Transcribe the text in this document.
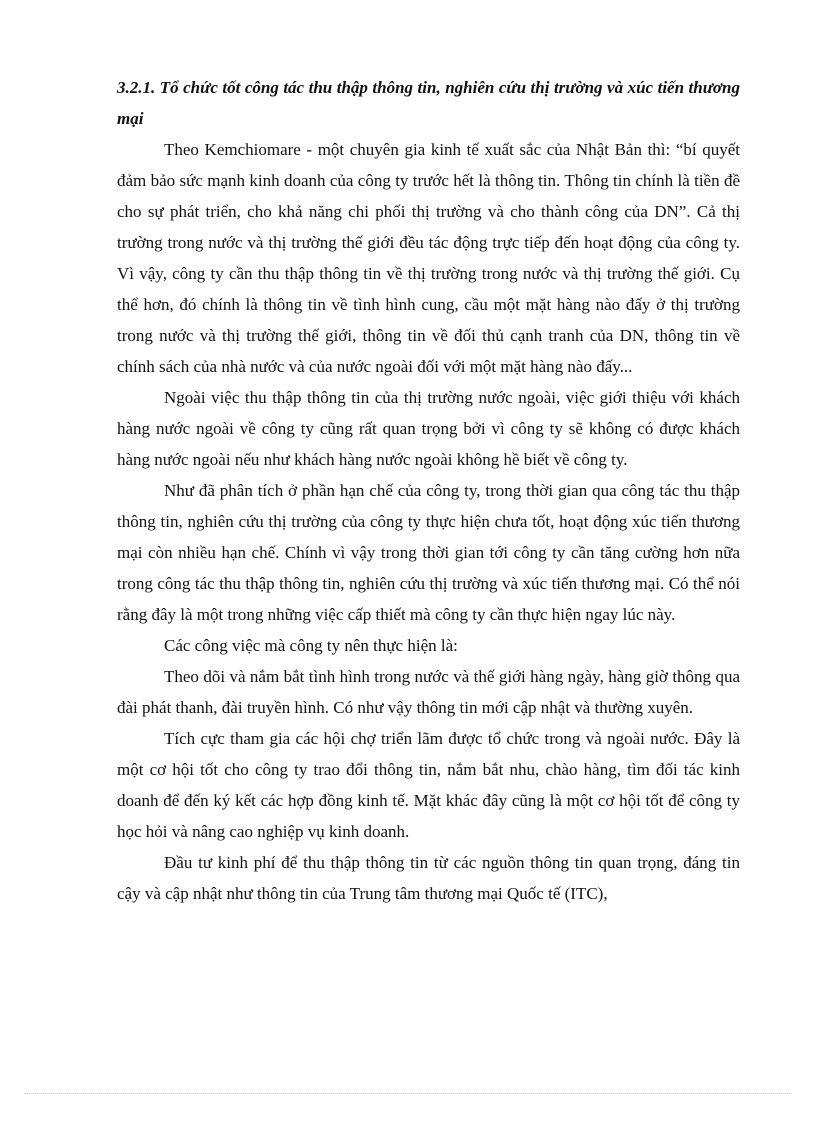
3.2.1. Tổ chức tốt công tác thu thập thông tin, nghiên cứu thị trường và xúc tiến thương mại

Theo Kemchiomare - một chuyên gia kinh tế xuất sắc của Nhật Bản thì: “bí quyết đảm bảo sức mạnh kinh doanh của công ty trước hết là thông tin. Thông tin chính là tiền đề cho sự phát triển, cho khả năng chi phối thị trường và cho thành công của DN”. Cả thị trường trong nước và thị trường thế giới đều tác động trực tiếp đến hoạt động của công ty. Vì vậy, công ty cần thu thập thông tin về thị trường trong nước và thị trường thế giới. Cụ thể hơn, đó chính là thông tin về tình hình cung, cầu một mặt hàng nào đấy ở thị trường trong nước và thị trường thế giới, thông tin về đối thủ cạnh tranh của DN, thông tin về chính sách của nhà nước và của nước ngoài đối với một mặt hàng nào đấy...

Ngoài việc thu thập thông tin của thị trường nước ngoài, việc giới thiệu với khách hàng nước ngoài về công ty cũng rất quan trọng bởi vì công ty sẽ không có được khách hàng nước ngoài nếu như khách hàng nước ngoài không hề biết về công ty.

Như đã phân tích ở phần hạn chế của công ty, trong thời gian qua công tác thu thập thông tin, nghiên cứu thị trường của công ty thực hiện chưa tốt, hoạt động xúc tiến thương mại còn nhiều hạn chế. Chính vì vậy trong thời gian tới công ty cần tăng cường hơn nữa trong công tác thu thập thông tin, nghiên cứu thị trường và xúc tiến thương mại. Có thể nói rằng đây là một trong những việc cấp thiết mà công ty cần thực hiện ngay lúc này.

Các công việc mà công ty nên thực hiện là:

Theo dõi và nắm bắt tình hình trong nước và thế giới hàng ngày, hàng giờ thông qua đài phát thanh, đài truyền hình. Có như vậy thông tin mới cập nhật và thường xuyên.

Tích cực tham gia các hội chợ triển lãm được tổ chức trong và ngoài nước. Đây là một cơ hội tốt cho công ty trao đổi thông tin, nắm bắt nhu, chào hàng, tìm đối tác kinh doanh để đến ký kết các hợp đồng kinh tế. Mặt khác đây cũng là một cơ hội tốt để công ty học hỏi và nâng cao nghiệp vụ kinh doanh.

Đầu tư kinh phí để thu thập thông tin từ các nguồn thông tin quan trọng, đáng tin cậy và cập nhật như thông tin của Trung tâm thương mại Quốc tế (ITC),
